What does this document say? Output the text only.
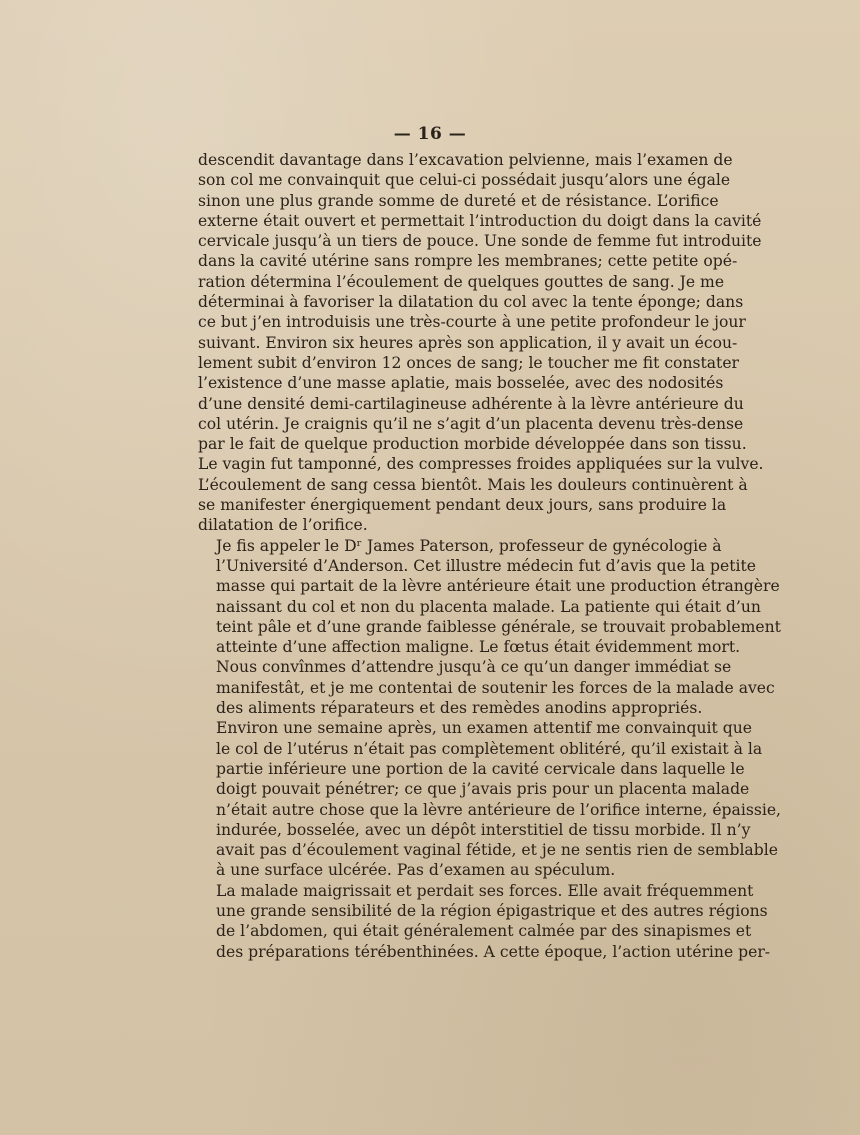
— 16 —

descendit davantage dans l’excavation pelvienne, mais l’examen de
son col me convainquit que celui-ci possédait jusqu’alors une égale
sinon une plus grande somme de dureté et de résistance. L’orifice
externe était ouvert et permettait l’introduction du doigt dans la cavité
cervicale jusqu’à un tiers de pouce. Une sonde de femme fut introduite
dans la cavité utérine sans rompre les membranes; cette petite opé-
ration détermina l’écoulement de quelques gouttes de sang. Je me
déterminai à favoriser la dilatation du col avec la tente éponge; dans
ce but j’en introduisis une très-courte à une petite profondeur le jour
suivant. Environ six heures après son application, il y avait un écou-
lement subit d’environ 12 onces de sang; le toucher me fit constater
l’existence d’une masse aplatie, mais bosselée, avec des nodosités
d’une densité demi-cartilagineuse adhérente à la lèvre antérieure du
col utérin. Je craignis qu’il ne s’agit d’un placenta devenu très-dense
par le fait de quelque production morbide développée dans son tissu.
Le vagin fut tamponné, des compresses froides appliquées sur la vulve.
L’écoulement de sang cessa bientôt. Mais les douleurs continuèrent à
se manifester énergiquement pendant deux jours, sans produire la
dilatation de l’orifice.

Je fis appeler le Dʳ James Paterson, professeur de gynécologie à
l’Université d’Anderson. Cet illustre médecin fut d’avis que la petite
masse qui partait de la lèvre antérieure était une production étrangère
naissant du col et non du placenta malade. La patiente qui était d’un
teint pâle et d’une grande faiblesse générale, se trouvait probablement
atteinte d’une affection maligne. Le fœtus était évidemment mort.
Nous convînmes d’attendre jusqu’à ce qu’un danger immédiat se
manifestât, et je me contentai de soutenir les forces de la malade avec
des aliments réparateurs et des remèdes anodins appropriés.

Environ une semaine après, un examen attentif me convainquit que
le col de l’utérus n’était pas complètement oblitéré, qu’il existait à la
partie inférieure une portion de la cavité cervicale dans laquelle le
doigt pouvait pénétrer; ce que j’avais pris pour un placenta malade
n’était autre chose que la lèvre antérieure de l’orifice interne, épaissie,
indurée, bosselée, avec un dépôt interstitiel de tissu morbide. Il n’y
avait pas d’écoulement vaginal fétide, et je ne sentis rien de semblable
à une surface ulcérée. Pas d’examen au spéculum.

La malade maigrissait et perdait ses forces. Elle avait fréquemment
une grande sensibilité de la région épigastrique et des autres régions
de l’abdomen, qui était généralement calmée par des sinapismes et
des préparations térébenthinées. A cette époque, l’action utérine per-
